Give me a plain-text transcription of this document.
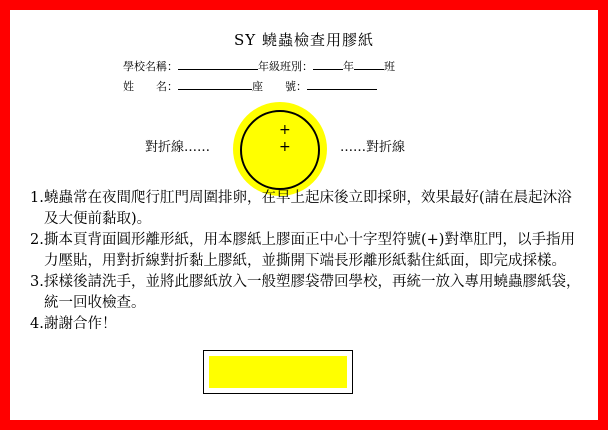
SY 蟯蟲檢查用膠紙
學校名稱：	年級班別：	年	班
姓　　名：	座　　號：
對折線……	……對折線
+
+
1. 蟯蟲常在夜間爬行肛門周圍排卵，在早上起床後立即採卵，效果最好(請在晨起沐浴及大便前黏取)。
2. 撕本頁背面圓形離形紙，用本膠紙上膠面正中心十字型符號(+)對準肛門，以手指用力壓貼，用對折線對折黏上膠紙，並撕開下端長形離形紙黏住紙面，即完成採樣。
3. 採樣後請洗手，並將此膠紙放入一般塑膠袋帶回學校，再統一放入專用蟯蟲膠紙袋，統一回收檢查。
4. 謝謝合作！
